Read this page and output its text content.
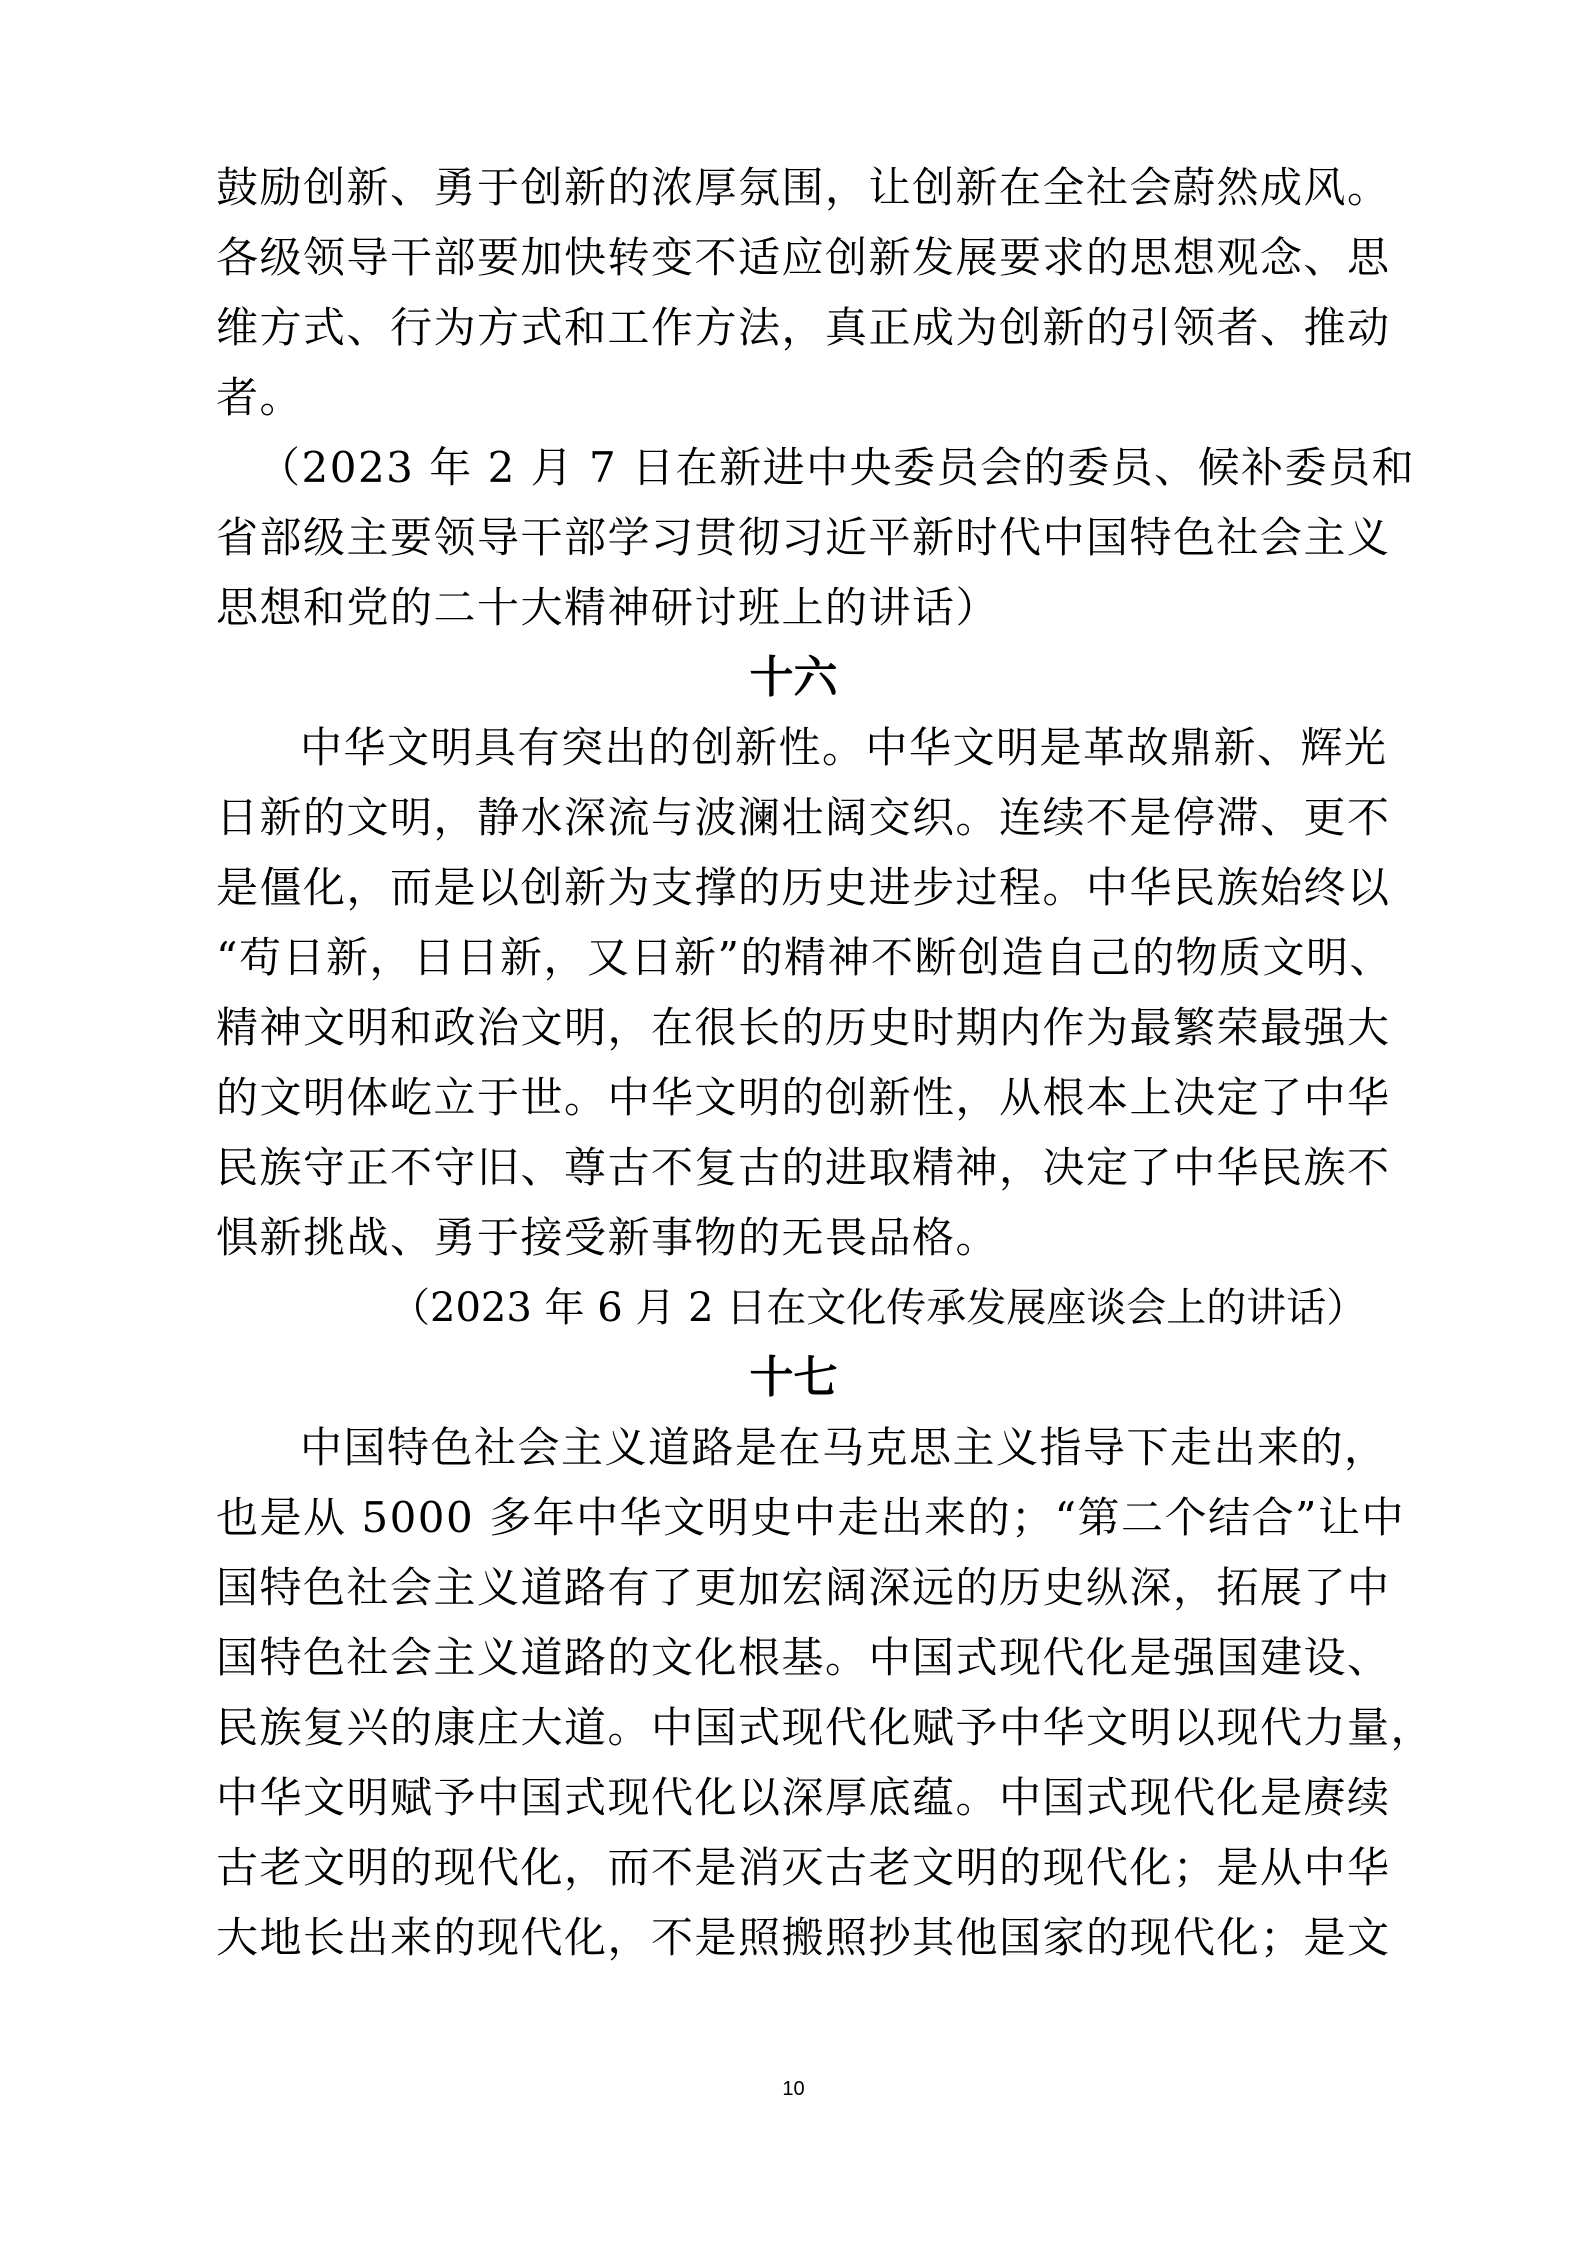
鼓励创新、勇于创新的浓厚氛围，让创新在全社会蔚然成风。
各级领导干部要加快转变不适应创新发展要求的思想观念、思
维方式、行为方式和工作方法，真正成为创新的引领者、推动
者。
（2023 年 2 月 7 日在新进中央委员会的委员、候补委员和
省部级主要领导干部学习贯彻习近平新时代中国特色社会主义
思想和党的二十大精神研讨班上的讲话）
十六
中华文明具有突出的创新性。中华文明是革故鼎新、辉光
日新的文明，静水深流与波澜壮阔交织。连续不是停滞、更不
是僵化，而是以创新为支撑的历史进步过程。中华民族始终以
“苟日新，日日新，又日新”的精神不断创造自己的物质文明、
精神文明和政治文明，在很长的历史时期内作为最繁荣最强大
的文明体屹立于世。中华文明的创新性，从根本上决定了中华
民族守正不守旧、尊古不复古的进取精神，决定了中华民族不
惧新挑战、勇于接受新事物的无畏品格。
（2023 年 6 月 2 日在文化传承发展座谈会上的讲话）
十七
中国特色社会主义道路是在马克思主义指导下走出来的，
也是从 5000 多年中华文明史中走出来的；“第二个结合”让中
国特色社会主义道路有了更加宏阔深远的历史纵深，拓展了中
国特色社会主义道路的文化根基。中国式现代化是强国建设、
民族复兴的康庄大道。中国式现代化赋予中华文明以现代力量，
中华文明赋予中国式现代化以深厚底蕴。中国式现代化是赓续
古老文明的现代化，而不是消灭古老文明的现代化；是从中华
大地长出来的现代化，不是照搬照抄其他国家的现代化；是文
10
